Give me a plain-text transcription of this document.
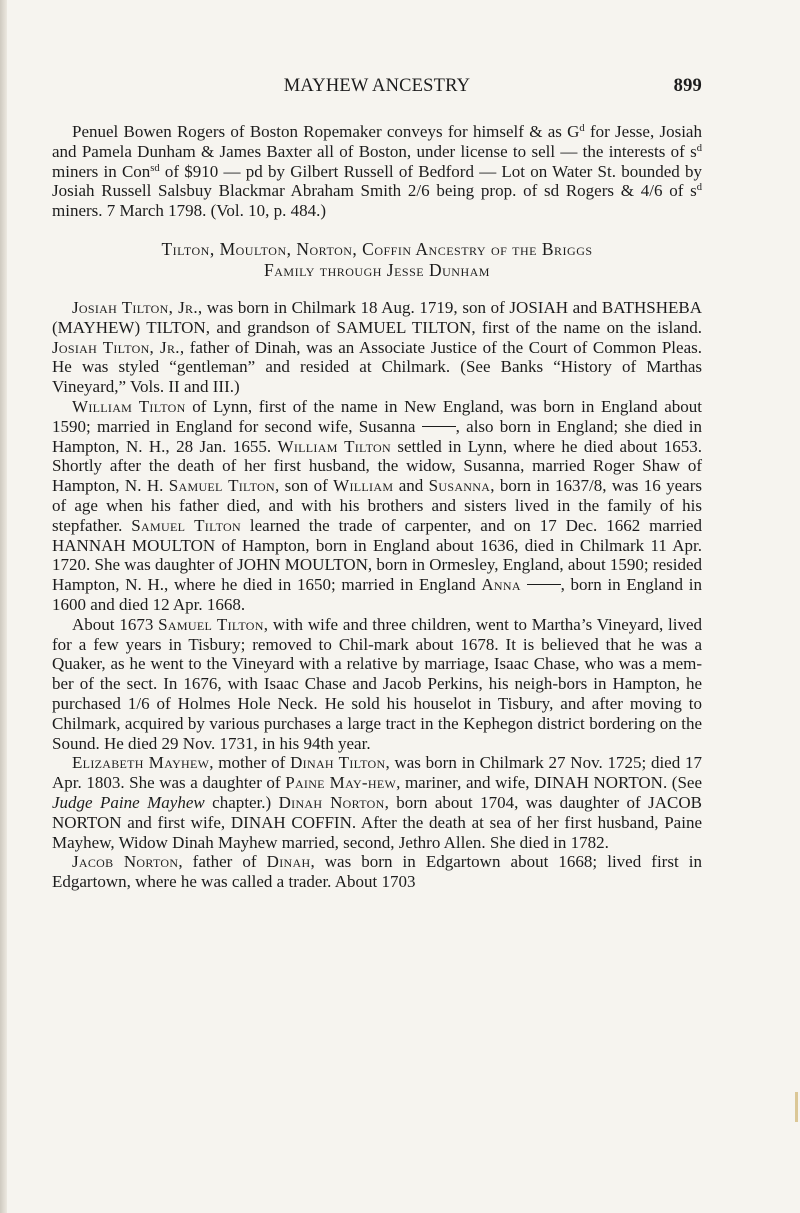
MAYHEW ANCESTRY	899

Penuel Bowen Rogers of Boston Ropemaker conveys for himself & as $G^d$ for Jesse, Josiah and Pamela Dunham & James Baxter all of Boston, under license to sell — the interests of $s^d$ miners in Con$^{sd}$ of $910 — pd by Gilbert Russell of Bedford — Lot on Water St. bounded by Josiah Russell Salsbuy Blackmar Abraham Smith 2/6 being prop. of sd Rogers & 4/6 of $s^d$ miners. 7 March 1798. (Vol. 10, p. 484.)

Tilton, Moulton, Norton, Coffin Ancestry of the Briggs
Family through Jesse Dunham

Josiah Tilton, Jr., was born in Chilmark 18 Aug. 1719, son of JOSIAH and BATHSHEBA (MAYHEW) TILTON, and grandson of SAMUEL TILTON, first of the name on the island. Josiah Tilton, Jr., father of Dinah, was an Associate Justice of the Court of Common Pleas. He was styled “gentleman” and resided at Chilmark. (See Banks “History of Marthas Vineyard,” Vols. II and III.)

William Tilton of Lynn, first of the name in New England, was born in England about 1590; married in England for second wife, Susanna , also born in England; she died in Hampton, N. H., 28 Jan. 1655. William Tilton settled in Lynn, where he died about 1653. Shortly after the death of her first husband, the widow, Susanna, married Roger Shaw of Hampton, N. H. Samuel Tilton, son of William and Susanna, born in 1637/8, was 16 years of age when his father died, and with his brothers and sisters lived in the family of his stepfather. Samuel Tilton learned the trade of carpenter, and on 17 Dec. 1662 married HANNAH MOULTON of Hampton, born in England about 1636, died in Chilmark 11 Apr. 1720. She was daughter of JOHN MOULTON, born in Ormesley, England, about 1590; resided Hampton, N. H., where he died in 1650; married in England Anna , born in England in 1600 and died 12 Apr. 1668.

About 1673 Samuel Tilton, with wife and three children, went to Martha’s Vineyard, lived for a few years in Tisbury; removed to Chil-mark about 1678. It is believed that he was a Quaker, as he went to the Vineyard with a relative by marriage, Isaac Chase, who was a mem-ber of the sect. In 1676, with Isaac Chase and Jacob Perkins, his neigh-bors in Hampton, he purchased 1/6 of Holmes Hole Neck. He sold his houselot in Tisbury, and after moving to Chilmark, acquired by various purchases a large tract in the Kephegon district bordering on the Sound. He died 29 Nov. 1731, in his 94th year.

Elizabeth Mayhew, mother of Dinah Tilton, was born in Chilmark 27 Nov. 1725; died 17 Apr. 1803. She was a daughter of Paine May-hew, mariner, and wife, DINAH NORTON. (See Judge Paine Mayhew chapter.) Dinah Norton, born about 1704, was daughter of JACOB NORTON and first wife, DINAH COFFIN. After the death at sea of her first husband, Paine Mayhew, Widow Dinah Mayhew married, second, Jethro Allen. She died in 1782.

Jacob Norton, father of Dinah, was born in Edgartown about 1668; lived first in Edgartown, where he was called a trader. About 1703
